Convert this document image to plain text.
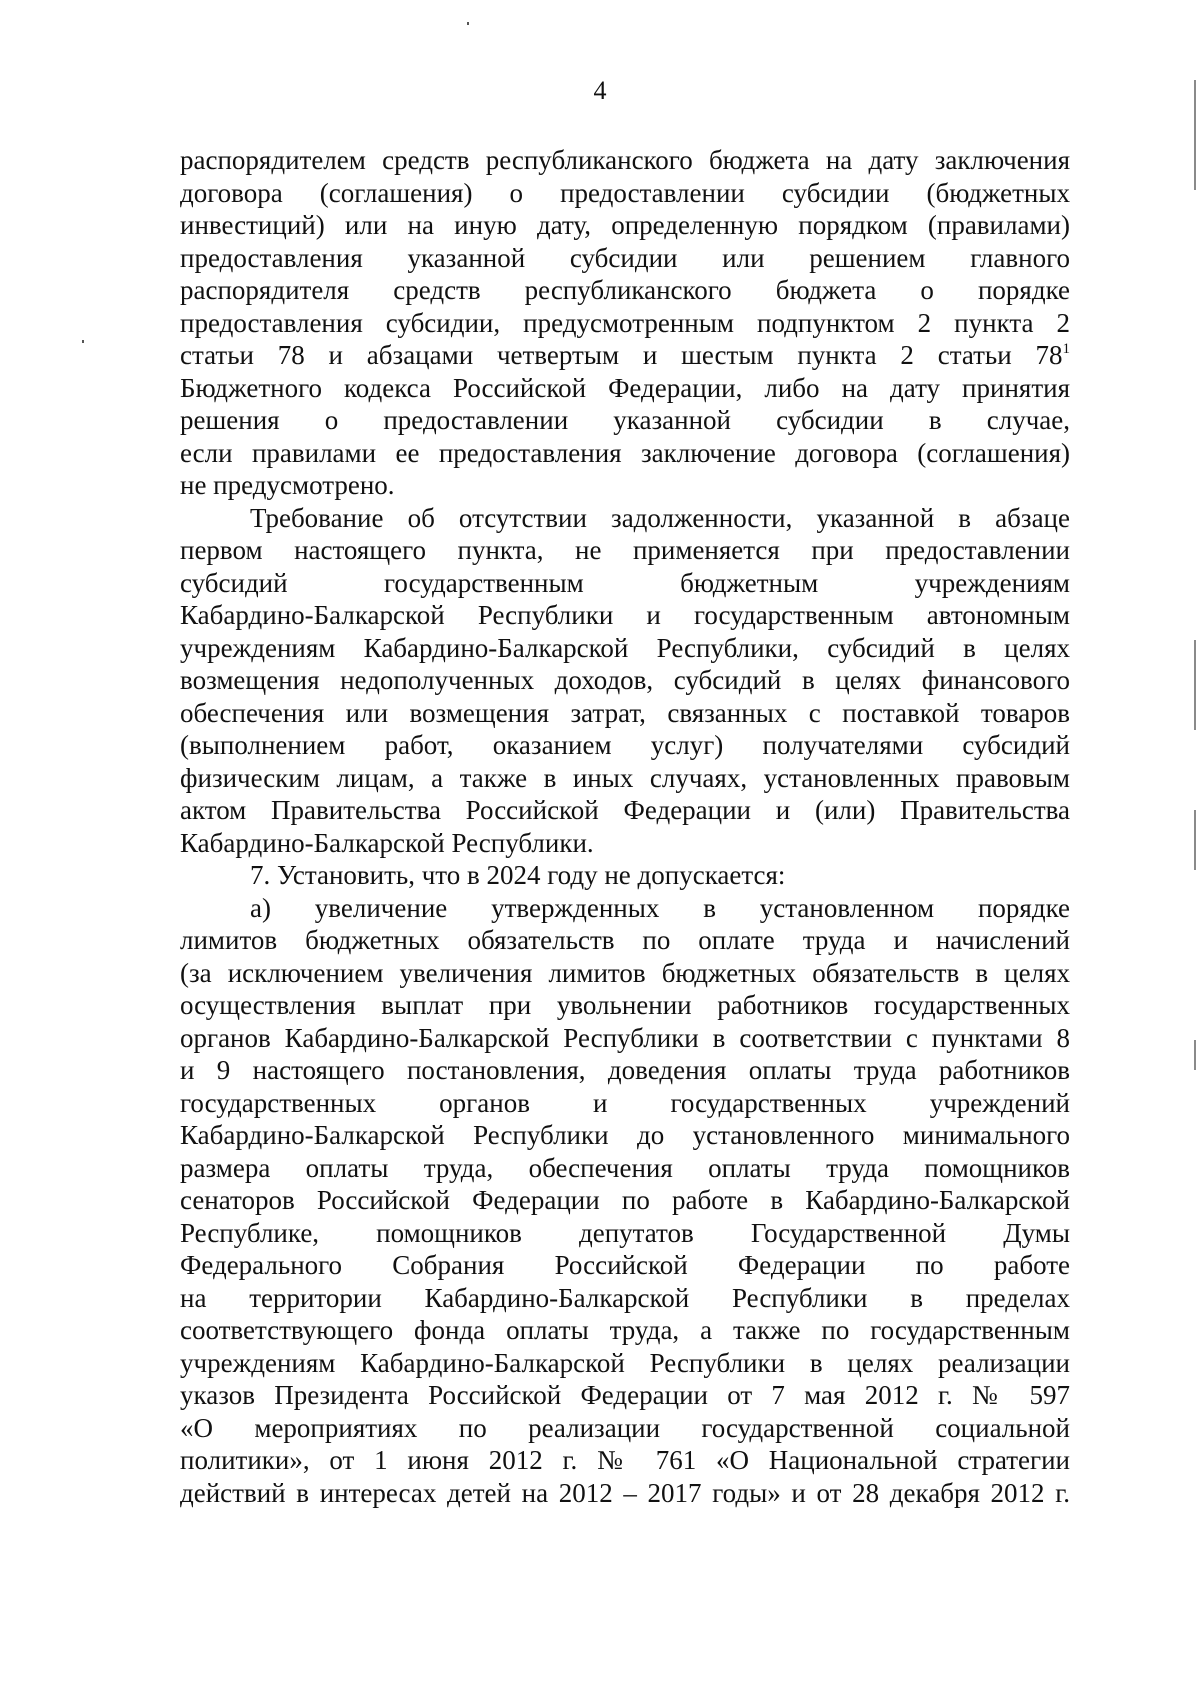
4
распорядителем средств республиканского бюджета на дату заключения
договора (соглашения) о предоставлении субсидии (бюджетных
инвестиций) или на иную дату, определенную порядком (правилами)
предоставления указанной субсидии или решением главного
распорядителя средств республиканского бюджета о порядке
предоставления субсидии, предусмотренным подпунктом 2 пункта 2
статьи 78 и абзацами четвертым и шестым пункта 2 статьи $78^1$
Бюджетного кодекса Российской Федерации, либо на дату принятия
решения о предоставлении указанной субсидии в случае,
если правилами ее предоставления заключение договора (соглашения)
не предусмотрено.
Требование об отсутствии задолженности, указанной в абзаце
первом настоящего пункта, не применяется при предоставлении
субсидий государственным бюджетным учреждениям
Кабардино-Балкарской Республики и государственным автономным
учреждениям Кабардино-Балкарской Республики, субсидий в целях
возмещения недополученных доходов, субсидий в целях финансового
обеспечения или возмещения затрат, связанных с поставкой товаров
(выполнением работ, оказанием услуг) получателями субсидий
физическим лицам, а также в иных случаях, установленных правовым
актом Правительства Российской Федерации и (или) Правительства
Кабардино-Балкарской Республики.
7. Установить, что в 2024 году не допускается:
а) увеличение утвержденных в установленном порядке
лимитов бюджетных обязательств по оплате труда и начислений
(за исключением увеличения лимитов бюджетных обязательств в целях
осуществления выплат при увольнении работников государственных
органов Кабардино-Балкарской Республики в соответствии с пунктами 8
и 9 настоящего постановления, доведения оплаты труда работников
государственных органов и государственных учреждений
Кабардино-Балкарской Республики до установленного минимального
размера оплаты труда, обеспечения оплаты труда помощников
сенаторов Российской Федерации по работе в Кабардино-Балкарской
Республике, помощников депутатов Государственной Думы
Федерального Собрания Российской Федерации по работе
на территории Кабардино-Балкарской Республики в пределах
соответствующего фонда оплаты труда, а также по государственным
учреждениям Кабардино-Балкарской Республики в целях реализации
указов Президента Российской Федерации от 7 мая 2012 г. № 597
«О мероприятиях по реализации государственной социальной
политики», от 1 июня 2012 г. № 761 «О Национальной стратегии
действий в интересах детей на 2012 – 2017 годы» и от 28 декабря 2012 г.
